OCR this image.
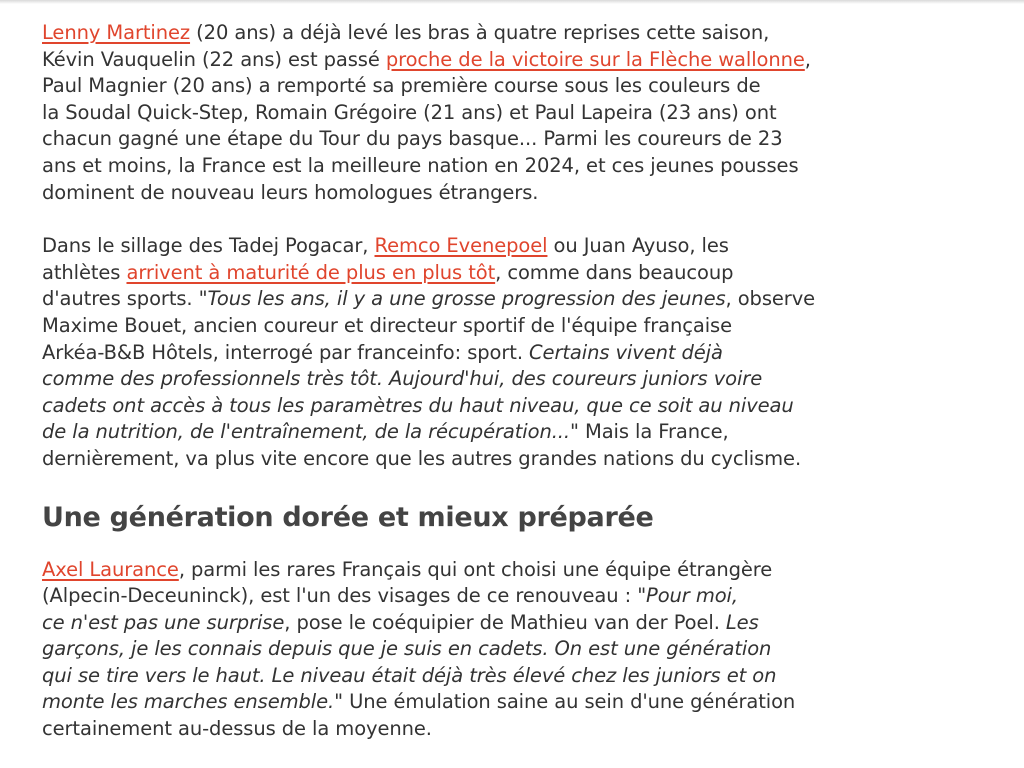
Lenny Martinez (20 ans) a déjà levé les bras à quatre reprises cette saison,
Kévin Vauquelin (22 ans) est passé proche de la victoire sur la Flèche wallonne,
Paul Magnier (20 ans) a remporté sa première course sous les couleurs de
la Soudal Quick-Step, Romain Grégoire (21 ans) et Paul Lapeira (23 ans) ont
chacun gagné une étape du Tour du pays basque... Parmi les coureurs de 23
ans et moins, la France est la meilleure nation en 2024, et ces jeunes pousses
dominent de nouveau leurs homologues étrangers.

Dans le sillage des Tadej Pogacar, Remco Evenepoel ou Juan Ayuso, les
athlètes arrivent à maturité de plus en plus tôt, comme dans beaucoup
d'autres sports. "Tous les ans, il y a une grosse progression des jeunes, observe
Maxime Bouet, ancien coureur et directeur sportif de l'équipe française
Arkéa-B&B Hôtels, interrogé par franceinfo: sport. Certains vivent déjà
comme des professionnels très tôt. Aujourd'hui, des coureurs juniors voire
cadets ont accès à tous les paramètres du haut niveau, que ce soit au niveau
de la nutrition, de l'entraînement, de la récupération..." Mais la France,
dernièrement, va plus vite encore que les autres grandes nations du cyclisme.

Une génération dorée et mieux préparée

Axel Laurance, parmi les rares Français qui ont choisi une équipe étrangère
(Alpecin-Deceuninck), est l'un des visages de ce renouveau : "Pour moi,
ce n'est pas une surprise, pose le coéquipier de Mathieu van der Poel. Les
garçons, je les connais depuis que je suis en cadets. On est une génération
qui se tire vers le haut. Le niveau était déjà très élevé chez les juniors et on
monte les marches ensemble." Une émulation saine au sein d'une génération
certainement au-dessus de la moyenne.
